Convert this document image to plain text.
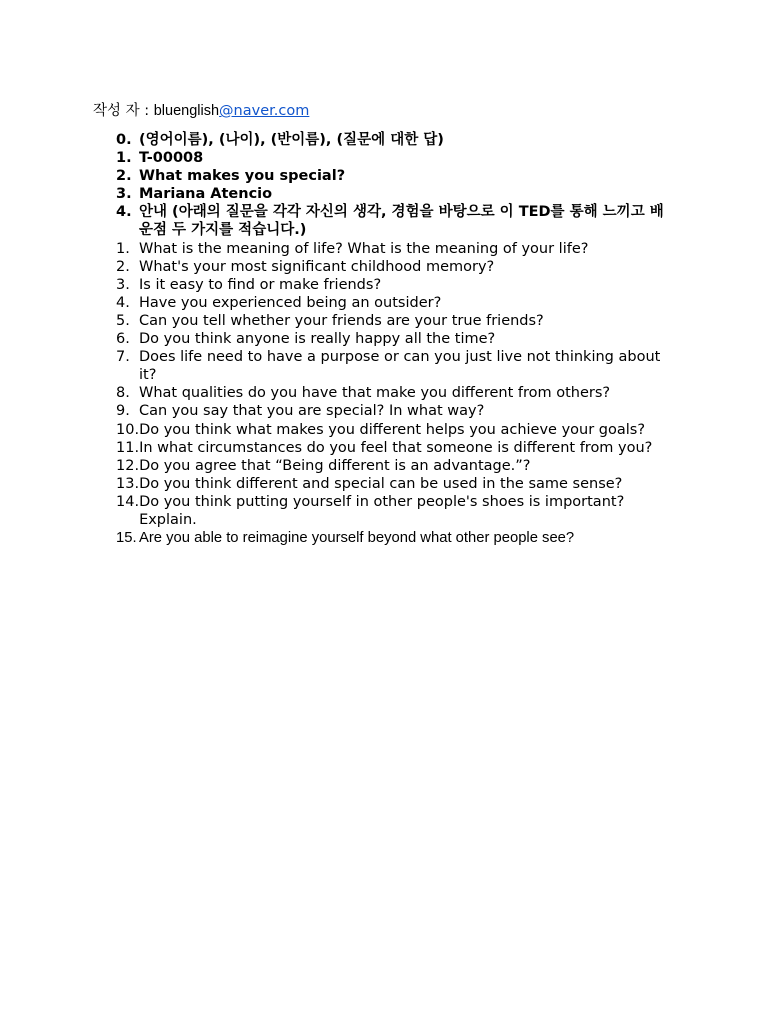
작성 자 : bluenglish@naver.com
0. (영어이름), (나이), (반이름), (질문에 대한 답)
1. T-00008
2. What makes you special?
3. Mariana Atencio
4. 안내 (아래의 질문을 각각 자신의 생각, 경험을 바탕으로 이 TED를 통해 느끼고 배운점 두 가지를 적습니다.)
1. What is the meaning of life? What is the meaning of your life?
2. What's your most significant childhood memory?
3. Is it easy to find or make friends?
4. Have you experienced being an outsider?
5. Can you tell whether your friends are your true friends?
6. Do you think anyone is really happy all the time?
7. Does life need to have a purpose or can you just live not thinking about it?
8. What qualities do you have that make you different from others?
9. Can you say that you are special? In what way?
10. Do you think what makes you different helps you achieve your goals?
11. In what circumstances do you feel that someone is different from you?
12. Do you agree that “Being different is an advantage.”?
13. Do you think different and special can be used in the same sense?
14. Do you think putting yourself in other people's shoes is important? Explain.
15. Are you able to reimagine yourself beyond what other people see?
